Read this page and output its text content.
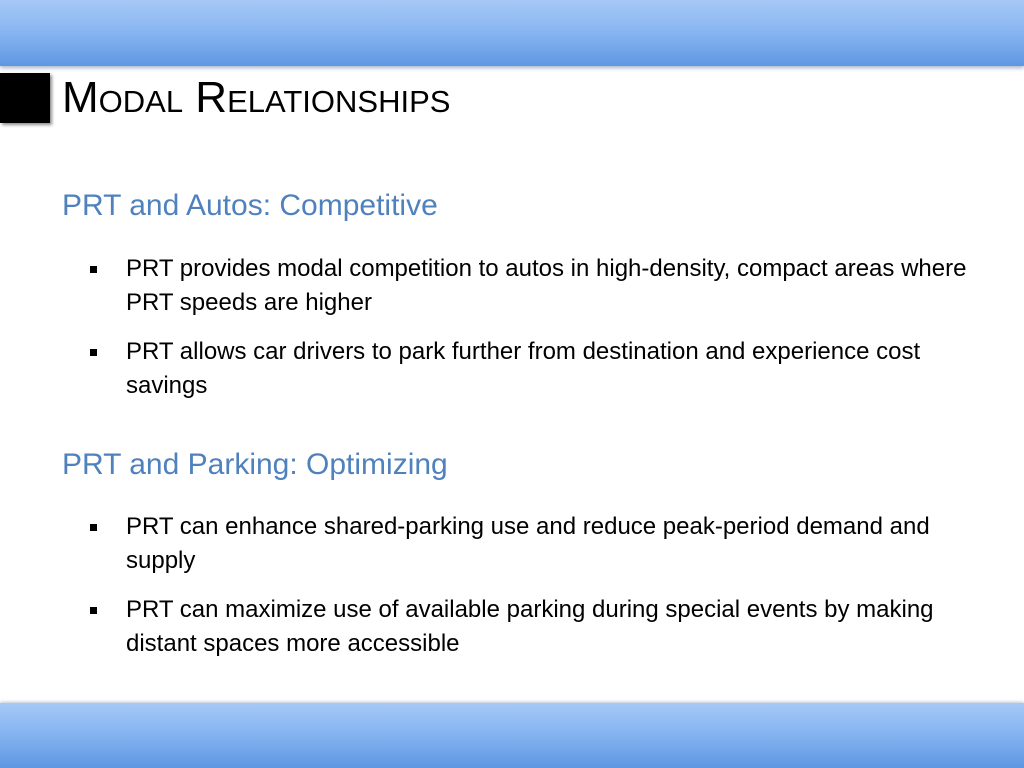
Modal Relationships
PRT and Autos: Competitive
PRT provides modal competition to autos in high-density, compact areas where PRT speeds are higher
PRT allows car drivers to park further from destination and experience cost savings
PRT and Parking: Optimizing
PRT can enhance shared-parking use and reduce peak-period demand and supply
PRT can maximize use of available parking during special events by making distant spaces more accessible
